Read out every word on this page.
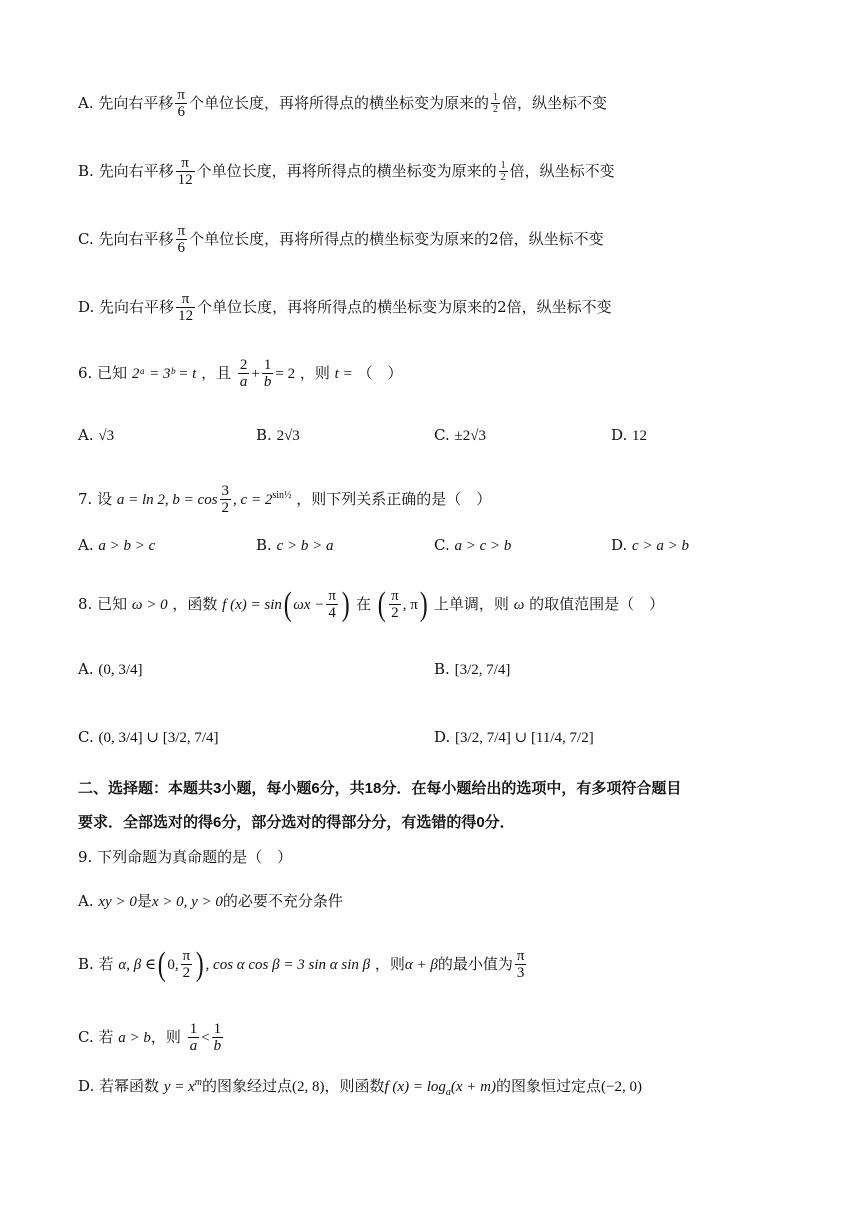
A. 先向右平移 $\frac{\pi}{6}$ 个单位长度，再将所得点的横坐标变为原来的 $\frac{1}{2}$ 倍，纵坐标不变
B. 先向右平移 $\frac{\pi}{12}$ 个单位长度，再将所得点的横坐标变为原来的 $\frac{1}{2}$ 倍，纵坐标不变
C. 先向右平移 $\frac{\pi}{6}$ 个单位长度，再将所得点的横坐标变为原来的2倍，纵坐标不变
D. 先向右平移 $\frac{\pi}{12}$ 个单位长度，再将所得点的横坐标变为原来的2倍，纵坐标不变
6. 已知 2ᵃ = 3ᵇ = t ，且 $\frac{2}{a} + \frac{1}{b} = 2$ ，则 t = （　）
A. √3	B. 2√3	C. ±2√3	D. 12
7. 设 a = ln 2, $b = \cos \frac{3}{2}$ , $c = 2^{sin\frac{1}{2}}$ ，则下列关系正确的是（　）
A. a > b > c	B. c > b > a	C. a > c > b	D. c > a > b
8. 已知 ω > 0 ，函数 f (x) = sin( $\omega x - \frac{\pi}{4}$ ) 在 ( $\frac{\pi}{2}$ , π) 上单调，则 ω 的取值范围是（　）
A. (0, 3/4]	B. [3/2, 7/4]
C. (0, 3/4] ∪ [3/2, 7/4]	D. [3/2, 7/4] ∪ [11/4, 7/2]
二、选择题：本题共3小题，每小题6分，共18分．在每小题给出的选项中，有多项符合题目
要求．全部选对的得6分，部分选对的得部分分，有选错的得0分．
9. 下列命题为真命题的是（　）
A. xy > 0是x > 0, y > 0的必要不充分条件
B. 若 α, β ∈( 0, $\frac{\pi}{2}$ ) , cos α cos β = 3 sin α sin β ，则α + β的最小值为 $\frac{\pi}{3}$
C. 若 a > b，则 $\frac{1}{a} < \frac{1}{b}$
D. 若幂函数 $y = x^m$的图象经过点(2, 8)，则函数f $(x) = \log_a(x + m)$的图象恒过定点(−2, 0)
